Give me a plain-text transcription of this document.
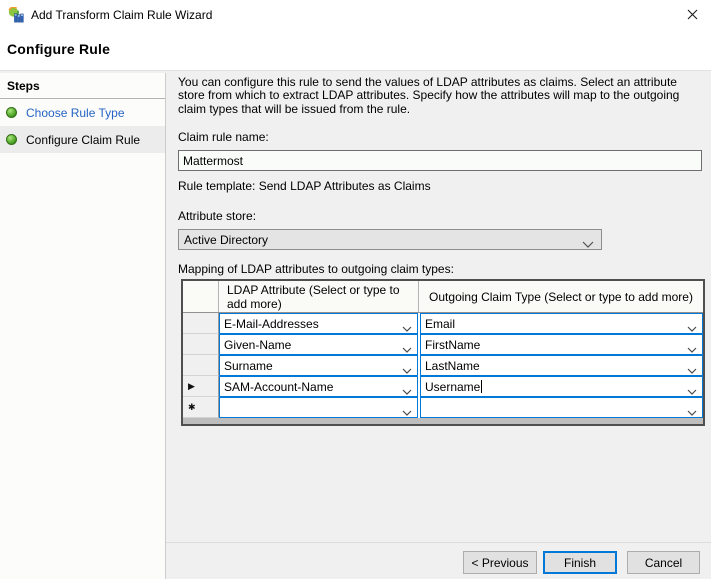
Add Transform Claim Rule Wizard
Configure Rule
Steps
Choose Rule Type
Configure Claim Rule
You can configure this rule to send the values of LDAP attributes as claims. Select an attribute store from which to extract LDAP attributes. Specify how the attributes will map to the outgoing claim types that will be issued from the rule.
Claim rule name:
Mattermost
Rule template: Send LDAP Attributes as Claims
Attribute store:
Active Directory
Mapping of LDAP attributes to outgoing claim types:
LDAP Attribute (Select or type to add more)
Outgoing Claim Type (Select or type to add more)
E-Mail-Addresses	Email
Given-Name	FirstName
Surname	LastName
▶	SAM-Account-Name	Username
✱
< Previous	Finish	Cancel
